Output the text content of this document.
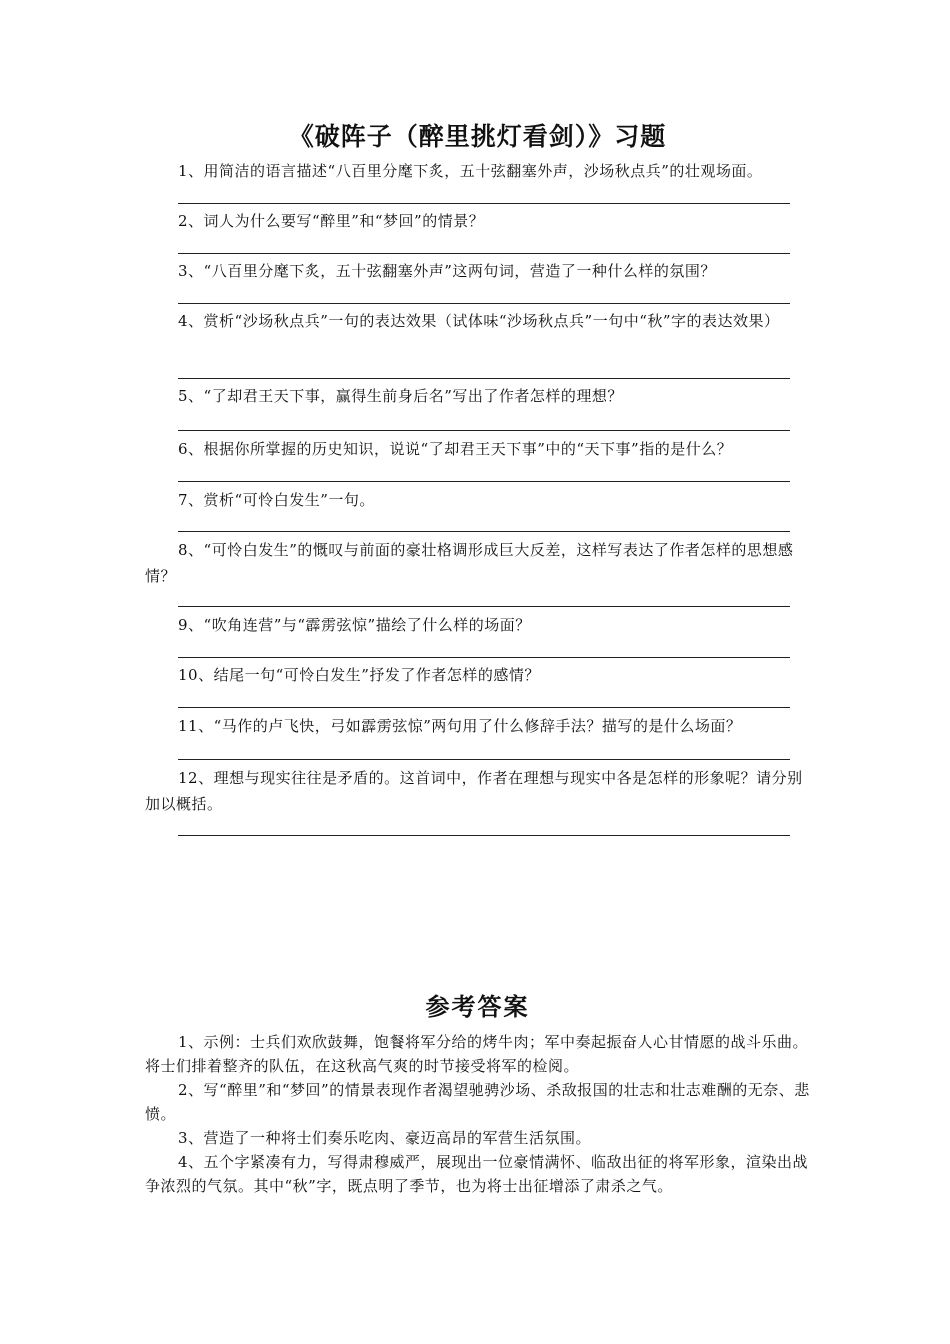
《破阵子（醉里挑灯看剑）》习题

1、用简洁的语言描述“八百里分麾下炙，五十弦翻塞外声，沙场秋点兵”的壮观场面。

2、词人为什么要写“醉里”和“梦回”的情景？

3、“八百里分麾下炙，五十弦翻塞外声”这两句词，营造了一种什么样的氛围？

4、赏析“沙场秋点兵”一句的表达效果（试体味“沙场秋点兵”一句中“秋”字的表达效果）

5、“了却君王天下事，赢得生前身后名”写出了作者怎样的理想？

6、根据你所掌握的历史知识，说说“了却君王天下事”中的“天下事”指的是什么？

7、赏析“可怜白发生”一句。

8、“可怜白发生”的慨叹与前面的豪壮格调形成巨大反差，这样写表达了作者怎样的思想感情？

9、“吹角连营”与“霹雳弦惊”描绘了什么样的场面？

10、结尾一句“可怜白发生”抒发了作者怎样的感情？

11、“马作的卢飞快，弓如霹雳弦惊”两句用了什么修辞手法？描写的是什么场面？

12、理想与现实往往是矛盾的。这首词中，作者在理想与现实中各是怎样的形象呢？请分别加以概括。

参考答案

1、示例：士兵们欢欣鼓舞，饱餐将军分给的烤牛肉；军中奏起振奋人心甘情愿的战斗乐曲。将士们排着整齐的队伍，在这秋高气爽的时节接受将军的检阅。

2、写“醉里”和“梦回”的情景表现作者渴望驰骋沙场、杀敌报国的壮志和壮志难酬的无奈、悲愤。

3、营造了一种将士们奏乐吃肉、豪迈高昂的军营生活氛围。

4、五个字紧凑有力，写得肃穆威严，展现出一位豪情满怀、临敌出征的将军形象，渲染出战争浓烈的气氛。其中“秋”字，既点明了季节，也为将士出征增添了肃杀之气。
